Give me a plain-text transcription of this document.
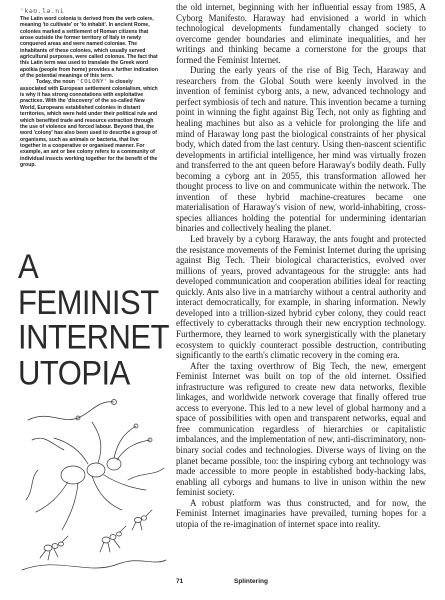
'kəʊ.lə.ni

The Latin word colonia is derived from the verb colere, meaning 'to cultivate' or 'to inhabit'. In ancient Rome, colonies marked a settlement of Roman citizens that arose outside the former territory of Italy in newly conquered areas and were named coloniae. The inhabitants of these colonies, which usually served agricultural purposes, were called colonus. The fact that this Latin term was used to translate the Greek word apoikia (people from home) provides a further indication of the potential meanings of this term.

Today, the noun 'COLONY' is closely associated with European settlement colonialism, which is why it has strong connotations with exploitative practices. With the 'discovery' of the so-called New World, Europeans established colonies in distant territories, which were held under their political rule and which benefited trade and resource extraction through the use of violence and forced labour. Beyond that, the word 'colony' has also been used to describe a group of organisms, such as animals or bacteria, that live together in a cooperative or organised manner. For example, an ant or bee colony refers to a community of individual insects working together for the benefit of the group.

A
FEMINIST
INTERNET
UTOPIA

the old internet, beginning with her influential essay from 1985, A Cyborg Manifesto. Haraway had envisioned a world in which technological developments fundamentally changed society to overcome gender boundaries and eliminate inequalities, and her writings and thinking became a cornerstone for the groups that formed the Feminist Internet.

During the early years of the rise of Big Tech, Haraway and researchers from the Global South were keenly involved in the invention of feminist cyborg ants, a new, advanced technology and perfect symbiosis of tech and nature. This invention became a turning point in winning the fight against Big Tech, not only as fighting and healing machines but also as a vehicle for prolonging the life and mind of Haraway long past the biological constraints of her physical body, which dated from the last century. Using then-nascent scientific developments in artificial intelligence, her mind was virtually frozen and transferred to the ant queen before Haraway's bodily death. Fully becoming a cyborg ant in 2055, this transformation allowed her thought process to live on and communicate within the network. The invention of these hybrid machine-creatures became one materialisation of Haraway's vision of new, world-inhabiting, cross-species alliances holding the potential for undermining identarian binaries and collectively healing the planet.

Led bravely by a cyborg Haraway, the ants fought and protected the resistance movements of the Feminist Internet during the uprising against Big Tech. Their biological characteristics, evolved over millions of years, proved advantageous for the struggle: ants had developed communication and cooperation abilities ideal for reacting quickly. Ants also live in a matriarchy without a central authority and interact democratically, for example, in sharing information. Newly developed into a trillion-sized hybrid cyber colony, they could react effectively to cyberattacks through their new encryption technology. Furthermore, they learned to work synergistically with the planetary ecosystem to quickly counteract possible destruction, contributing significantly to the earth's climatic recovery in the coming era.

After the taxing overthrow of Big Tech, the new, emergent Feminist Internet was built on top of the old internet. Ossified infrastructure was refigured to create new data networks, flexible linkages, and worldwide network coverage that finally offered true access to everyone. This led to a new level of global harmony and a space of possibilities with open and transparent networks, equal and free communication regardless of hierarchies or capitalistic imbalances, and the implementation of new, anti-discriminatory, non-binary social codes and technologies. Diverse ways of living on the planet became possible, too: the inspiring cyborg ant technology was made accessible to more people in established body-hacking labs, enabling all cyborgs and humans to live in unison within the new feminist society.

A robust platform was thus constructed, and for now, the Feminist Internet imaginaries have prevailed, turning hopes for a utopia of the re-imagination of internet space into reality.

71	Splintering
